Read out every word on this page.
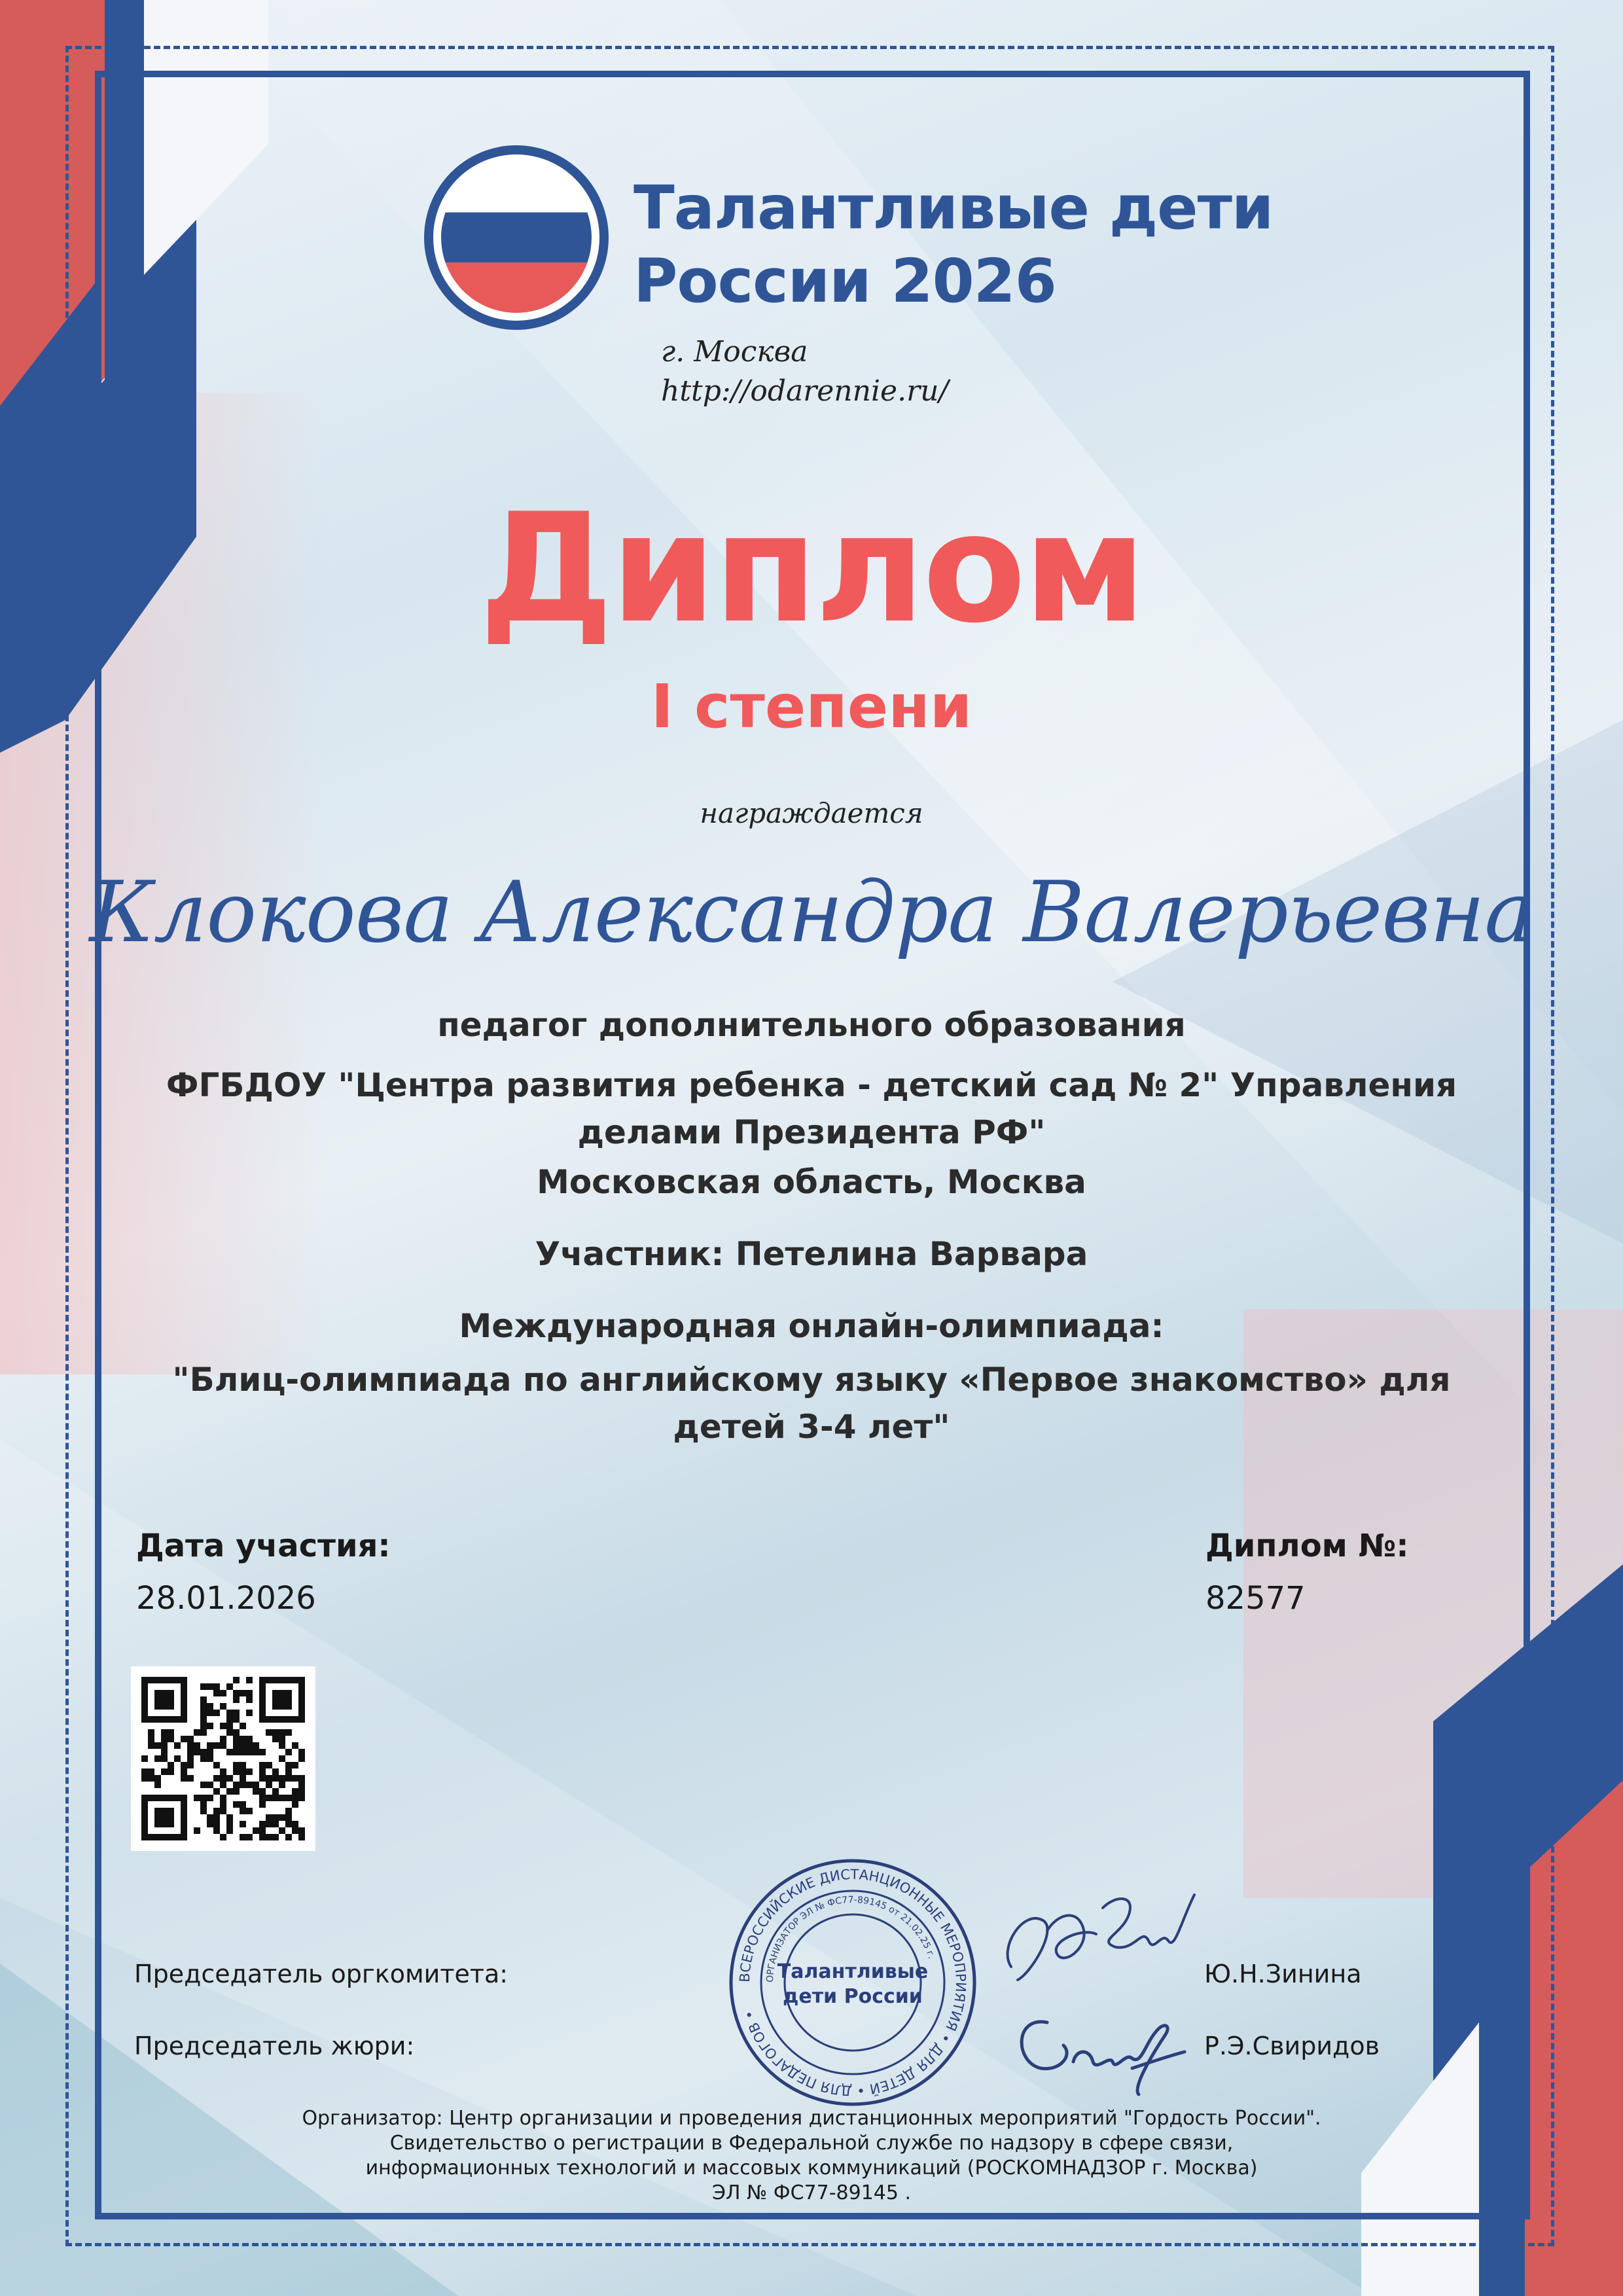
Талантливые дети
России 2026
г. Москва
http://odarennie.ru/
Диплом
I степени
награждается
Клокова Александра Валерьевна

педагог дополнительного образования

ФГБДОУ "Центра развития ребенка - детский сад № 2" Управления делами Президента РФ"

Московская область, Москва

Участник: Петелина Варвара

Международная онлайн-олимпиада:

"Блиц-олимпиада по английскому языку «Первое знакомство» для детей 3-4 лет"

Дата участия:
28.01.2026
Диплом №:
82577
Председатель оргкомитета:	Ю.Н.Зинина
Председатель жюри:	Р.Э.Свиридов
ВСЕРОССИЙСКИЕ ДИСТАНЦИОННЫЕ МЕРОПРИЯТИЯ • ДЛЯ ДЕТЕЙ • ДЛЯ ПЕДАГОГОВ •
ОРГАНИЗАТОР ЭЛ № ФС77-89145 от 21.02.25 г.
Талантливые
дети России

Организатор: Центр организации и проведения дистанционных мероприятий "Гордость России".

Свидетельство о регистрации в Федеральной службе по надзору в сфере связи,

информационных технологий и массовых коммуникаций (РОСКОМНАДЗОР г. Москва)

ЭЛ № ФС77-89145 .
